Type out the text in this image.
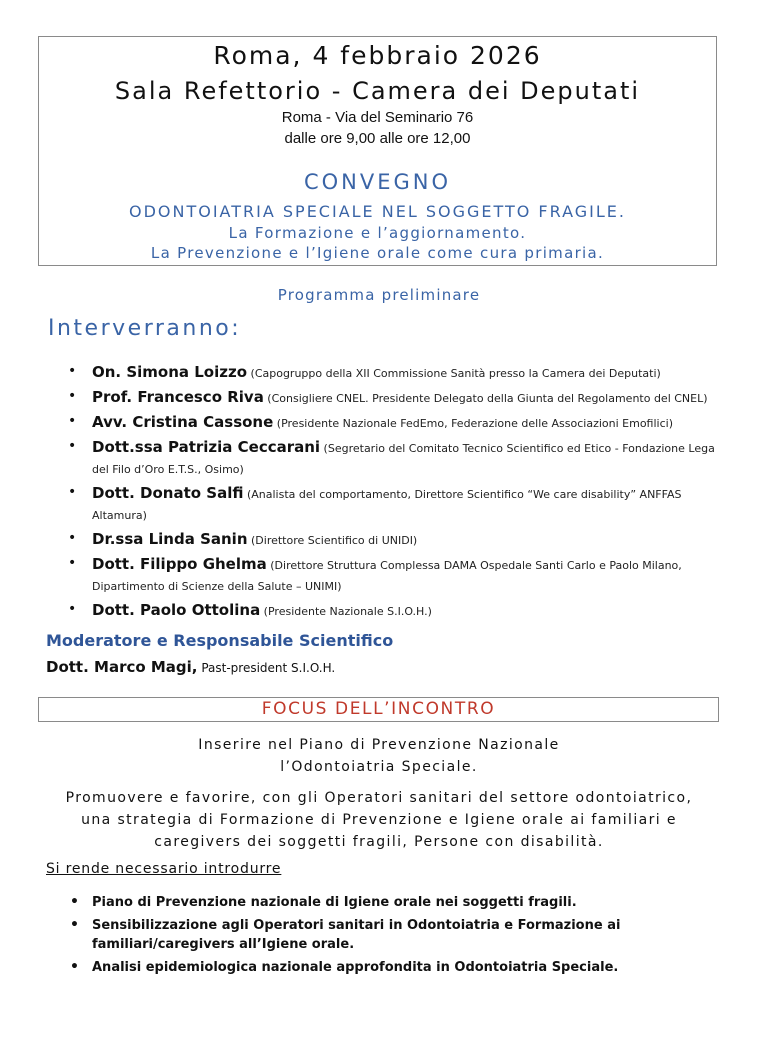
Roma, 4 febbraio 2026
Sala Refettorio - Camera dei Deputati
Roma - Via del Seminario 76
dalle ore 9,00 alle ore 12,00
CONVEGNO
ODONTOIATRIA SPECIALE NEL SOGGETTO FRAGILE.
La Formazione e l’aggiornamento.
La Prevenzione e l’Igiene orale come cura primaria.
Programma preliminare
Interverranno:
• On. Simona Loizzo (Capogruppo della XII Commissione Sanità presso la Camera dei Deputati)
• Prof. Francesco Riva (Consigliere CNEL. Presidente Delegato della Giunta del Regolamento del CNEL)
• Avv. Cristina Cassone (Presidente Nazionale FedEmo, Federazione delle Associazioni Emofilici)
• Dott.ssa Patrizia Ceccarani (Segretario del Comitato Tecnico Scientifico ed Etico - Fondazione Lega del Filo d’Oro E.T.S., Osimo)
• Dott. Donato Salfi (Analista del comportamento, Direttore Scientifico “We care disability” ANFFAS Altamura)
• Dr.ssa Linda Sanin (Direttore Scientifico di UNIDI)
• Dott. Filippo Ghelma (Direttore Struttura Complessa DAMA Ospedale Santi Carlo e Paolo Milano, Dipartimento di Scienze della Salute – UNIMI)
• Dott. Paolo Ottolina (Presidente Nazionale S.I.O.H.)
Moderatore e Responsabile Scientifico
Dott. Marco Magi, Past-president S.I.O.H.
FOCUS DELL’INCONTRO
Inserire nel Piano di Prevenzione Nazionale
l’Odontoiatria Speciale.
Promuovere e favorire, con gli Operatori sanitari del settore odontoiatrico,
una strategia di Formazione di Prevenzione e Igiene orale ai familiari e
caregivers dei soggetti fragili, Persone con disabilità.
Si rende necessario introdurre
• Piano di Prevenzione nazionale di Igiene orale nei soggetti fragili.
• Sensibilizzazione agli Operatori sanitari in Odontoiatria e Formazione ai familiari/caregivers all’Igiene orale.
• Analisi epidemiologica nazionale approfondita in Odontoiatria Speciale.
